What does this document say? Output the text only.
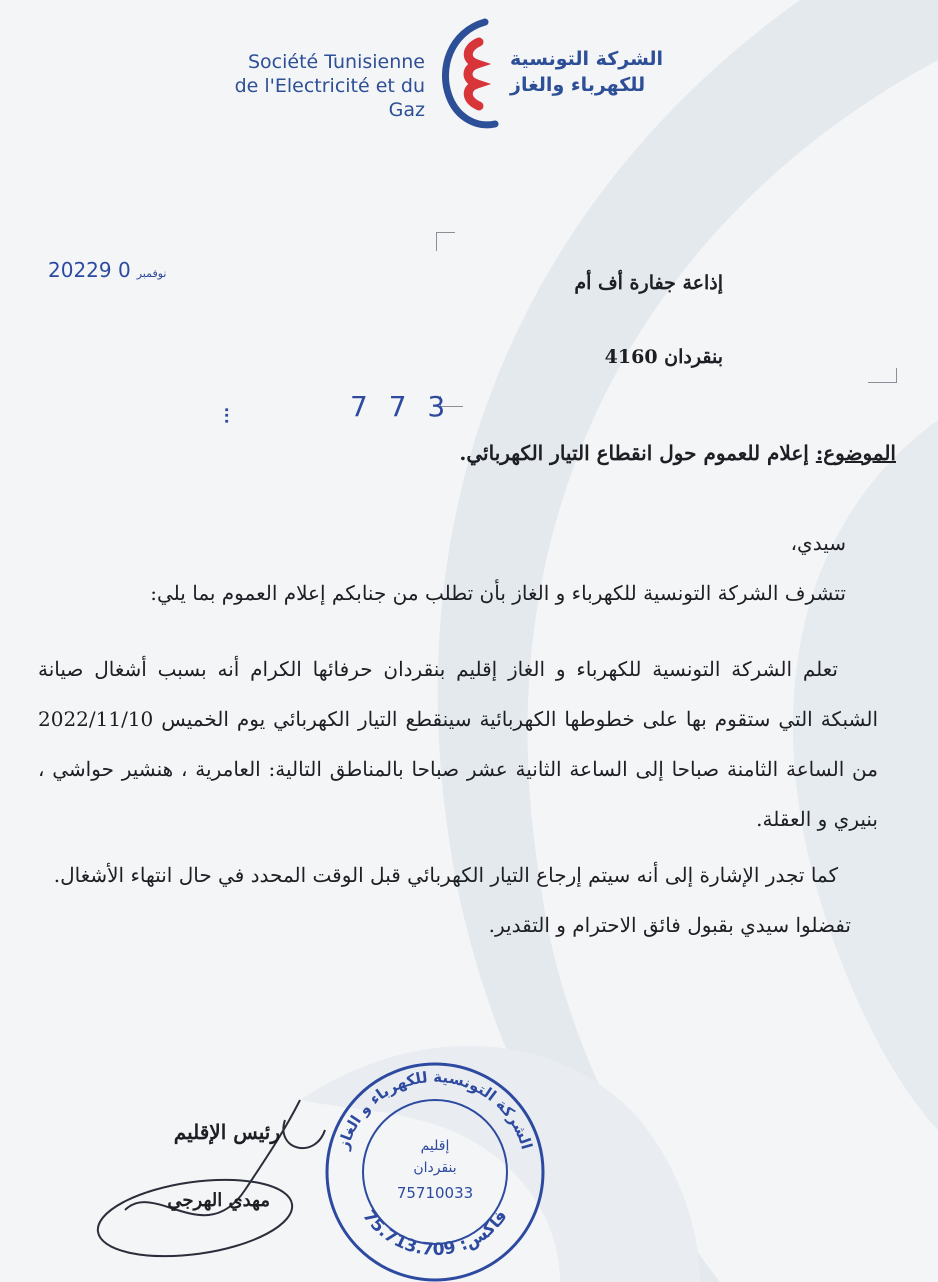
Société Tunisienne
de l'Electricité et du Gaz
الشركة التونسية
للكهرباء والغاز
2022	نوفمبر0 9
إذاعة جفارة أف أم
بنقردان 4160
⫶	7 7 3

الموضوع: إعلام للعموم حول انقطاع التيار الكهربائي.

سيدي،

تتشرف الشركة التونسية للكهرباء و الغاز بأن تطلب من جنابكم إعلام العموم بما يلي:

تعلم الشركة التونسية للكهرباء و الغاز إقليم بنقردان حرفائها الكرام أنه بسبب أشغال صيانة الشبكة التي ستقوم بها على خطوطها الكهربائية سينقطع التيار الكهربائي يوم الخميس 2022/11/10 من الساعة الثامنة صباحا إلى الساعة الثانية عشر صباحا بالمناطق التالية: العامرية ، هنشير حواشي ، بنيري و العقلة.

كما تجدر الإشارة إلى أنه سيتم إرجاع التيار الكهربائي قبل الوقت المحدد في حال انتهاء الأشغال.

تفضلوا سيدي بقبول فائق الاحترام و التقدير.

رئيس الإقليم
مهدي الهرجي
الشركة التونسية للكهرباء و الغاز
فاكس: 75.713.709
إقليم
بنقردان
75710033
